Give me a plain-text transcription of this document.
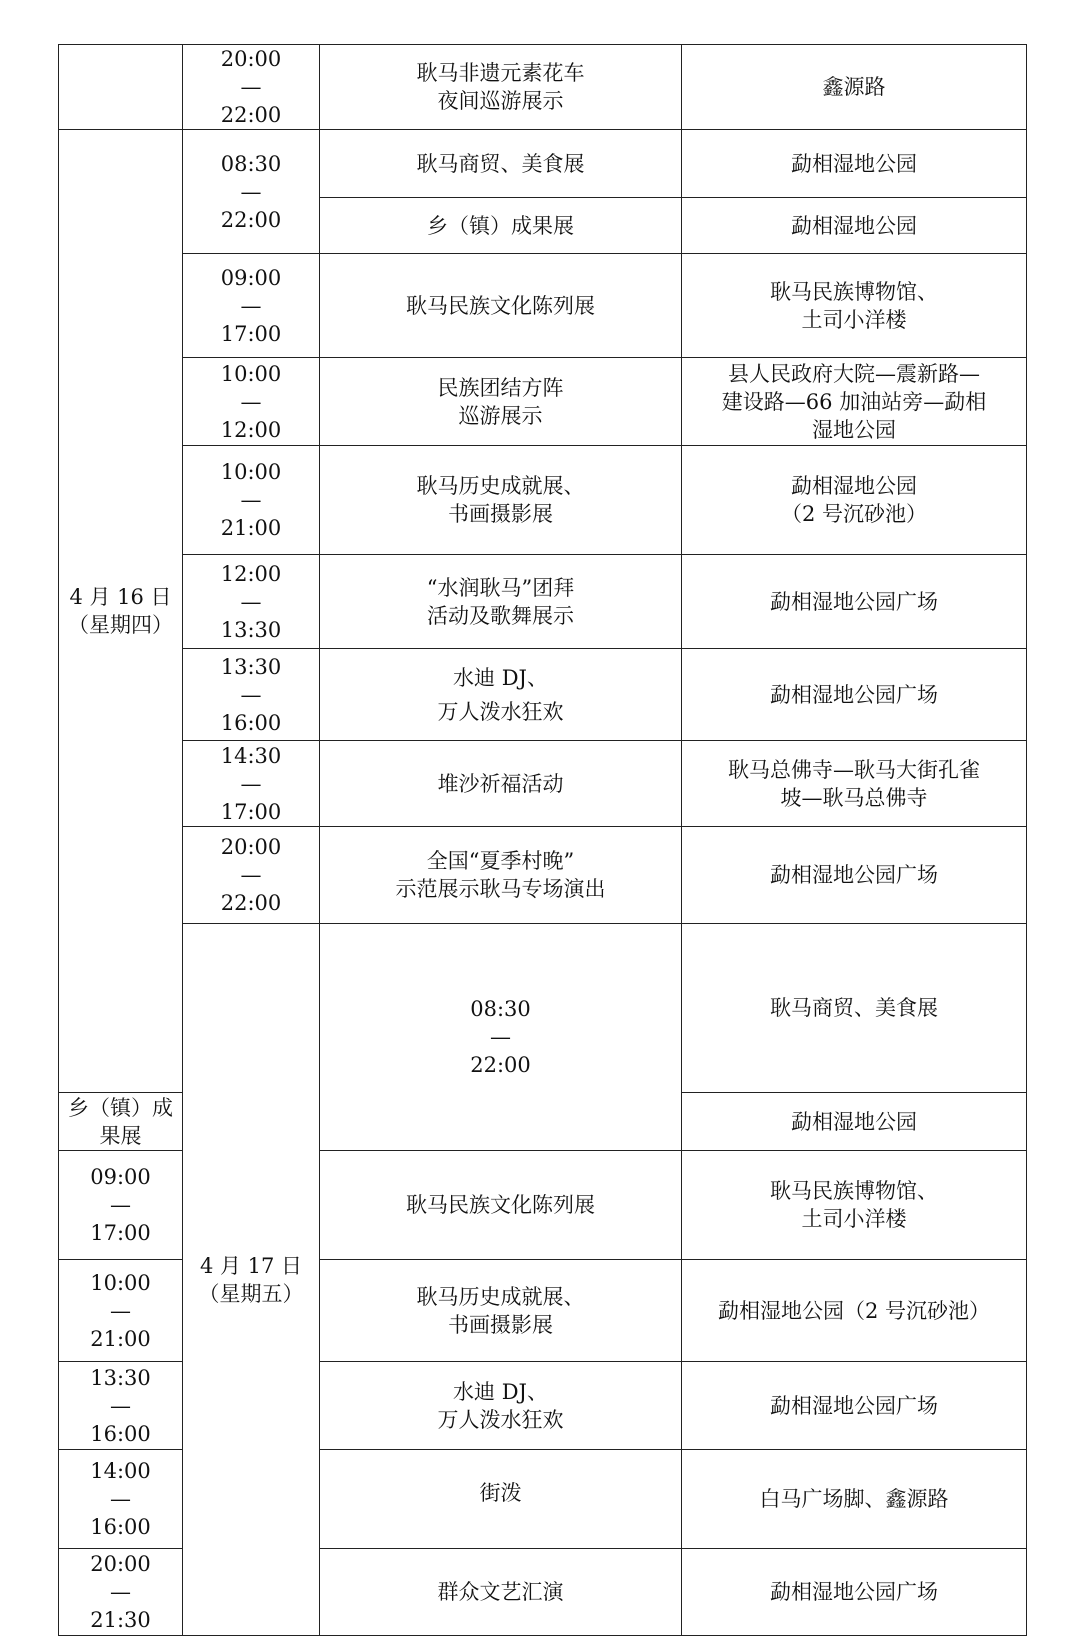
	20:00
—
22:00	耿马非遗元素花车
夜间巡游展示	鑫源路	

4 月 16 日
（星期四）	08:30
—
22:00	耿马商贸、美食展	勐相湿地公园	

		乡（镇）成果展	勐相湿地公园	

	09:00
—
17:00	耿马民族文化陈列展	耿马民族博物馆、
土司小洋楼	

	10:00
—
12:00	民族团结方阵
巡游展示	县人民政府大院—震新路—
建设路—66 加油站旁—勐相
湿地公园	

	10:00
—
21:00	耿马历史成就展、
书画摄影展	勐相湿地公园
（2 号沉砂池）	

	12:00
—
13:30	“水润耿马”团拜
活动及歌舞展示	勐相湿地公园广场	

	13:30
—
16:00	水迪 DJ、
万人泼水狂欢	勐相湿地公园广场	

	14:30
—
17:00	堆沙祈福活动	耿马总佛寺—耿马大街孔雀
坡—耿马总佛寺	

	20:00
—
22:00	全国“夏季村晚”
示范展示耿马专场演出	勐相湿地公园广场	

	4 月 17 日
（星期五）	08:30
—
22:00	耿马商贸、美食展

乡（镇）成果展			勐相湿地公园	

09:00
—
17:00		耿马民族文化陈列展	耿马民族博物馆、
土司小洋楼	

10:00
—
21:00		耿马历史成就展、
书画摄影展	勐相湿地公园（2 号沉砂池）	

13:30
—
16:00		水迪 DJ、
万人泼水狂欢	勐相湿地公园广场	

14:00
—
16:00		街泼	白马广场脚、鑫源路	

20:00
—
21:30		群众文艺汇演	勐相湿地公园广场	
